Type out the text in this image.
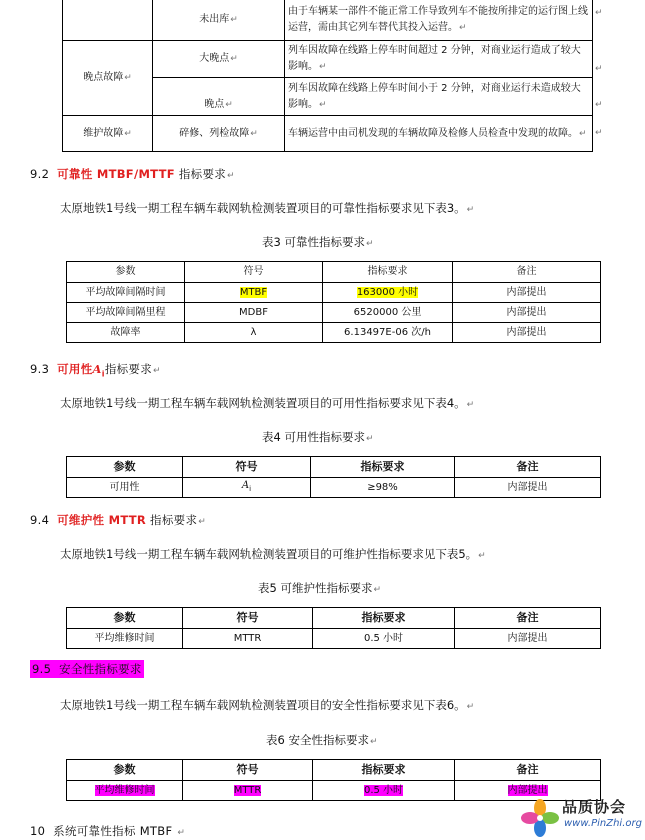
	未出库↵	由于车辆某一部件不能正常工作导致列车不能按所排定的运行图上线运营，需由其它列车替代其投入运营。↵
晚点故障↵	大晚点↵	列车因故障在线路上停车时间超过 2 分钟，对商业运行造成了较大影响。↵
	晚点↵	列车因故障在线路上停车时间小于 2 分钟，对商业运行未造成较大影响。↵
维护故障↵	碎修、列检故障↵	车辆运营中由司机发现的车辆故障及检修人员检查中发现的故障。↵
↵
↵
↵
↵
9.2 可靠性 MTBF/MTTF 指标要求↵
太原地铁1号线一期工程车辆车载网轨检测装置项目的可靠性指标要求见下表3。↵
表3 可靠性指标要求↵
参数	符号	指标要求	备注
平均故障间隔时间	MTBF	163000 小时	内部提出
平均故障间隔里程	MDBF	6520000 公里	内部提出
故障率	λ	6.13497E-06 次/h	内部提出
9.3 可用性$A_i$指标要求↵
太原地铁1号线一期工程车辆车载网轨检测装置项目的可用性指标要求见下表4。↵
表4 可用性指标要求↵
参数	符号	指标要求	备注
可用性	$A_i$	≥98%	内部提出
9.4 可维护性 MTTR 指标要求↵
太原地铁1号线一期工程车辆车载网轨检测装置项目的可维护性指标要求见下表5。↵
表5 可维护性指标要求↵
参数	符号	指标要求	备注
平均维修时间	MTTR	0.5 小时	内部提出
9.5 安全性指标要求
太原地铁1号线一期工程车辆车载网轨检测装置项目的安全性指标要求见下表6。↵
表6 安全性指标要求↵
参数	符号	指标要求	备注
平均维修时间	MTTR	0.5 小时	内部提出
10 系统可靠性指标 MTBF ↵
品质协会
www.PinZhi.org
